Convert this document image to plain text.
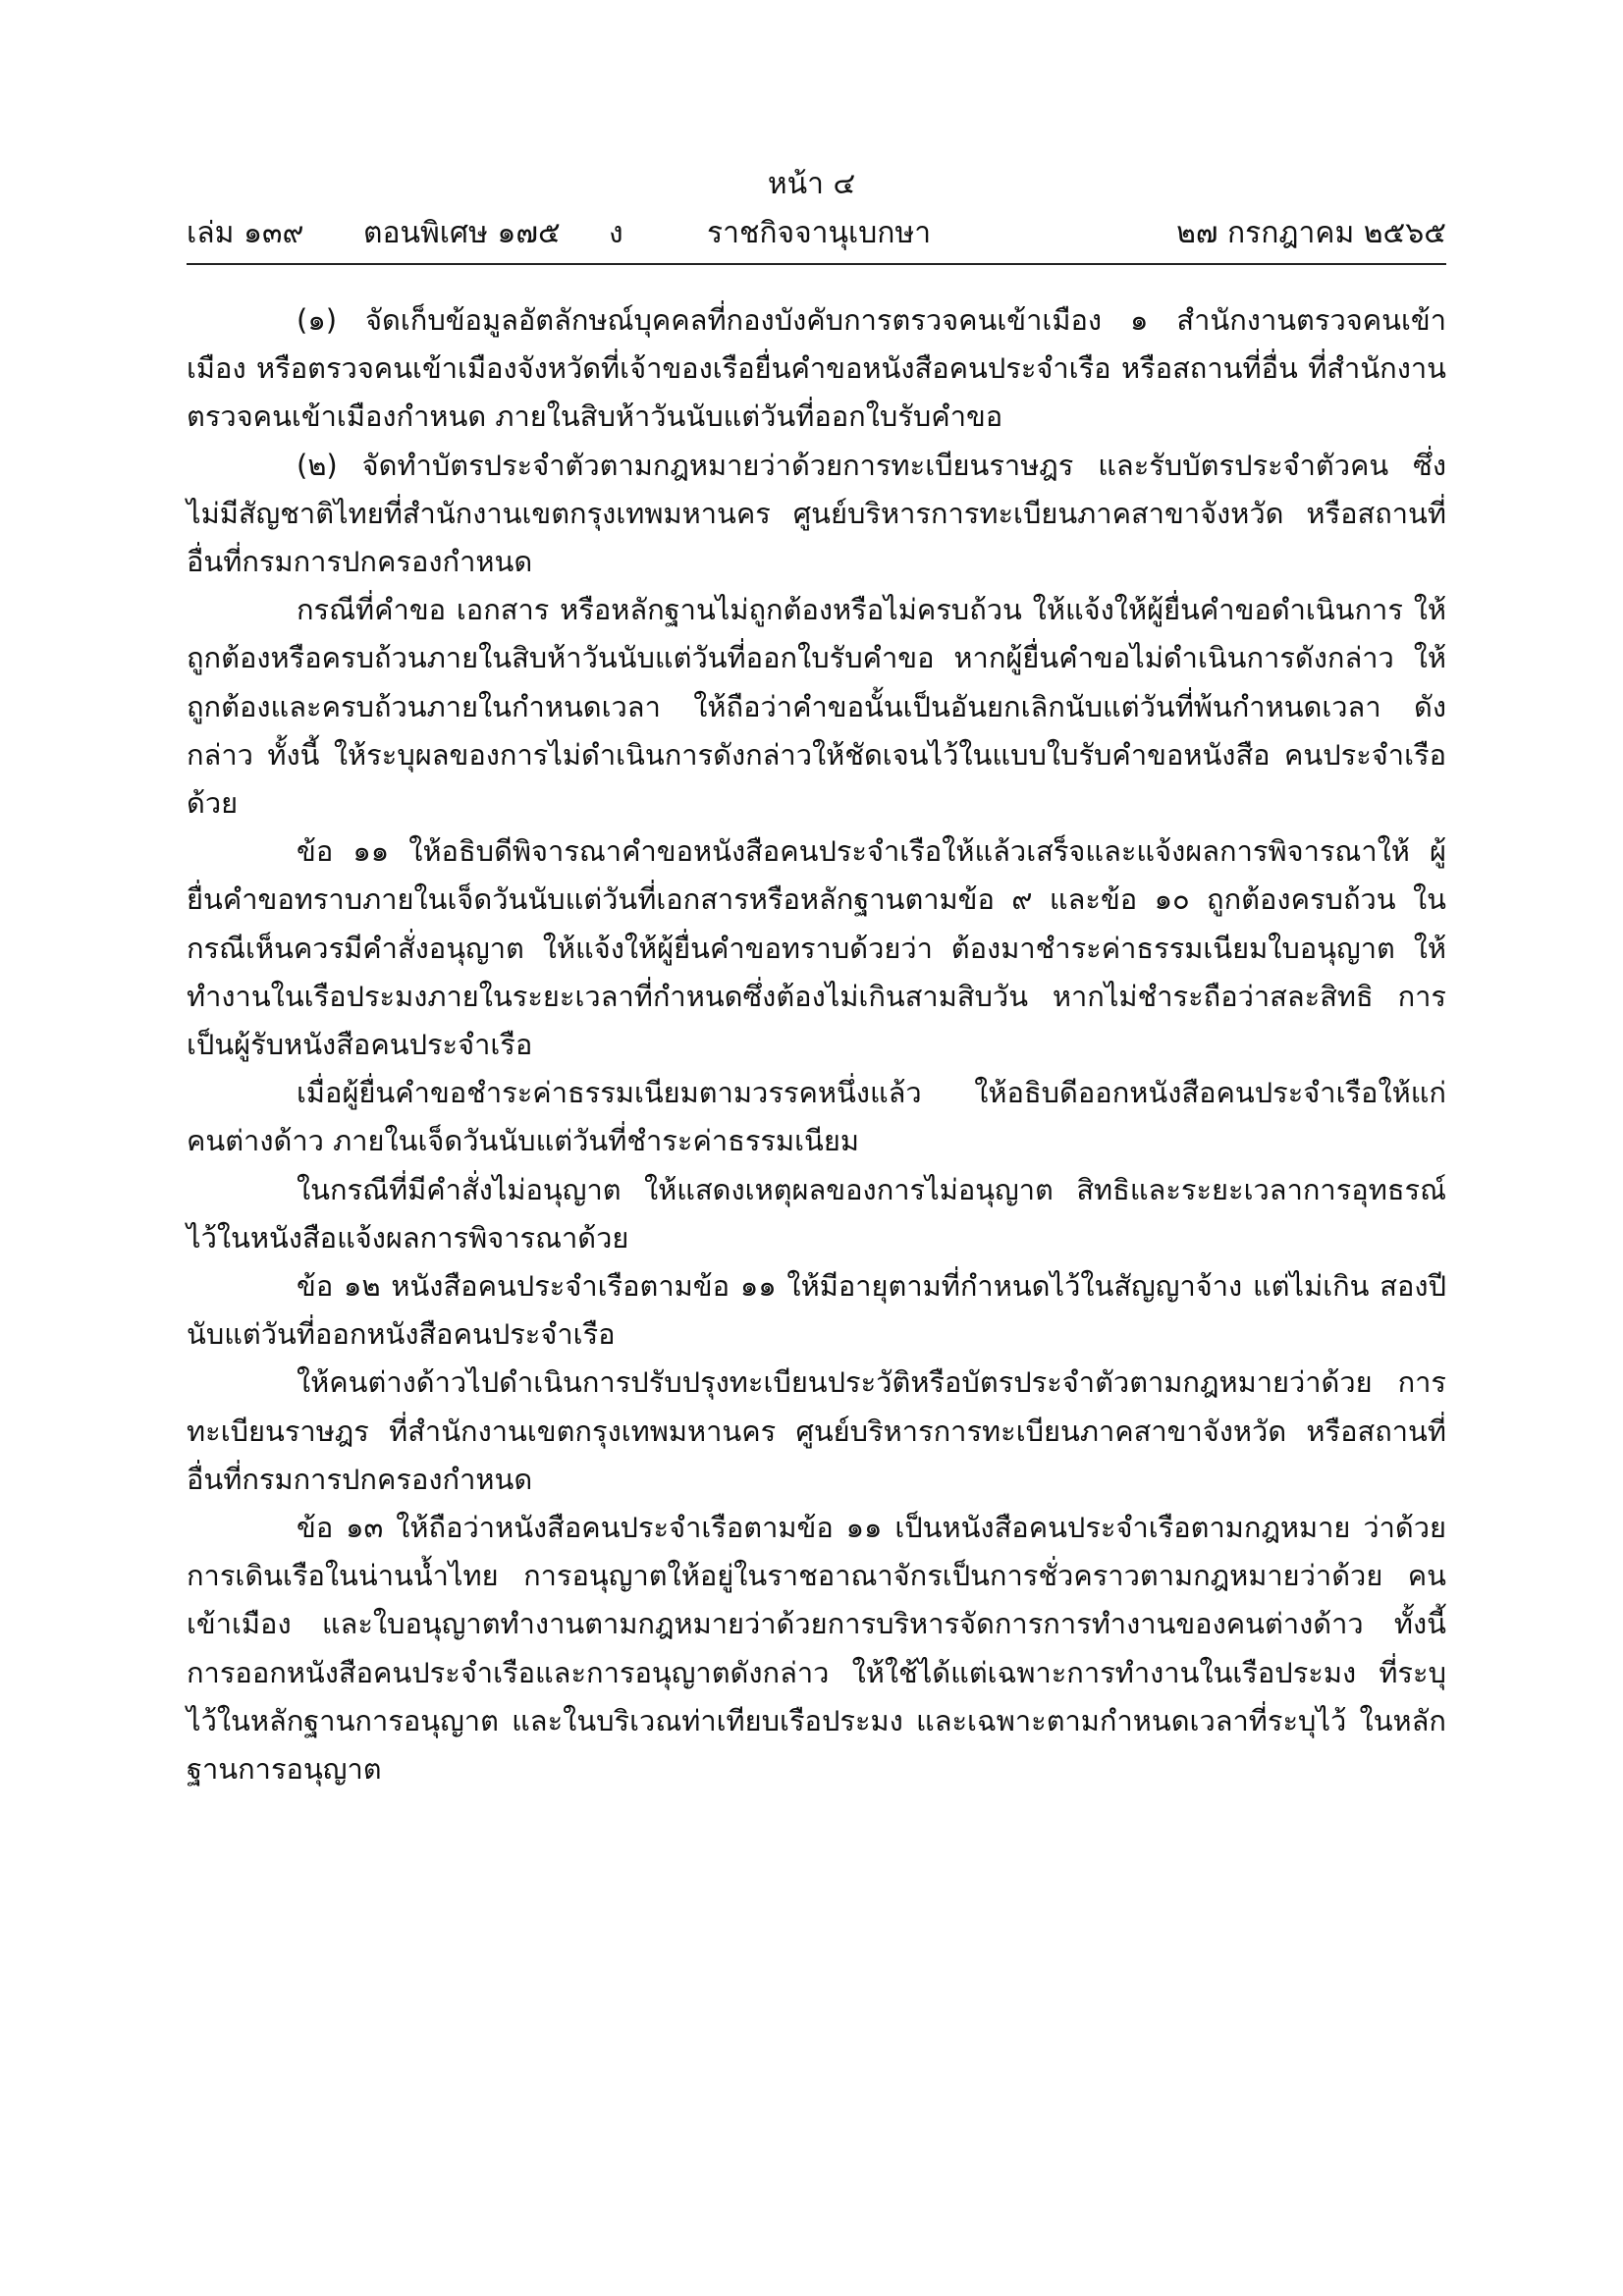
หน้า ๔
เล่ม ๑๓๙ ตอนพิเศษ ๑๗๕ ง	ราชกิจจานุเบกษา	๒๗ กรกฎาคม ๒๕๖๕

(๑) จัดเก็บข้อมูลอัตลักษณ์บุคคลที่กองบังคับการตรวจคนเข้าเมือง ๑ สำนักงานตรวจคนเข้าเมือง หรือตรวจคนเข้าเมืองจังหวัดที่เจ้าของเรือยื่นคำขอหนังสือคนประจำเรือ หรือสถานที่อื่น ที่สำนักงานตรวจคนเข้าเมืองกำหนด ภายในสิบห้าวันนับแต่วันที่ออกใบรับคำขอ

(๒) จัดทำบัตรประจำตัวตามกฎหมายว่าด้วยการทะเบียนราษฎร และรับบัตรประจำตัวคน ซึ่งไม่มีสัญชาติไทยที่สำนักงานเขตกรุงเทพมหานคร ศูนย์บริหารการทะเบียนภาคสาขาจังหวัด หรือสถานที่อื่นที่กรมการปกครองกำหนด

กรณีที่คำขอ เอกสาร หรือหลักฐานไม่ถูกต้องหรือไม่ครบถ้วน ให้แจ้งให้ผู้ยื่นคำขอดำเนินการ ให้ถูกต้องหรือครบถ้วนภายในสิบห้าวันนับแต่วันที่ออกใบรับคำขอ หากผู้ยื่นคำขอไม่ดำเนินการดังกล่าว ให้ถูกต้องและครบถ้วนภายในกำหนดเวลา ให้ถือว่าคำขอนั้นเป็นอันยกเลิกนับแต่วันที่พ้นกำหนดเวลา ดังกล่าว ทั้งนี้ ให้ระบุผลของการไม่ดำเนินการดังกล่าวให้ชัดเจนไว้ในแบบใบรับคำขอหนังสือ คนประจำเรือด้วย

ข้อ ๑๑ ให้อธิบดีพิจารณาคำขอหนังสือคนประจำเรือให้แล้วเสร็จและแจ้งผลการพิจารณาให้ ผู้ยื่นคำขอทราบภายในเจ็ดวันนับแต่วันที่เอกสารหรือหลักฐานตามข้อ ๙ และข้อ ๑๐ ถูกต้องครบถ้วน ในกรณีเห็นควรมีคำสั่งอนุญาต ให้แจ้งให้ผู้ยื่นคำขอทราบด้วยว่า ต้องมาชำระค่าธรรมเนียมใบอนุญาต ให้ทำงานในเรือประมงภายในระยะเวลาที่กำหนดซึ่งต้องไม่เกินสามสิบวัน หากไม่ชำระถือว่าสละสิทธิ การเป็นผู้รับหนังสือคนประจำเรือ

เมื่อผู้ยื่นคำขอชำระค่าธรรมเนียมตามวรรคหนึ่งแล้ว ให้อธิบดีออกหนังสือคนประจำเรือให้แก่ คนต่างด้าว ภายในเจ็ดวันนับแต่วันที่ชำระค่าธรรมเนียม

ในกรณีที่มีคำสั่งไม่อนุญาต ให้แสดงเหตุผลของการไม่อนุญาต สิทธิและระยะเวลาการอุทธรณ์ ไว้ในหนังสือแจ้งผลการพิจารณาด้วย

ข้อ ๑๒ หนังสือคนประจำเรือตามข้อ ๑๑ ให้มีอายุตามที่กำหนดไว้ในสัญญาจ้าง แต่ไม่เกิน สองปีนับแต่วันที่ออกหนังสือคนประจำเรือ

ให้คนต่างด้าวไปดำเนินการปรับปรุงทะเบียนประวัติหรือบัตรประจำตัวตามกฎหมายว่าด้วย การทะเบียนราษฎร ที่สำนักงานเขตกรุงเทพมหานคร ศูนย์บริหารการทะเบียนภาคสาขาจังหวัด หรือสถานที่อื่นที่กรมการปกครองกำหนด

ข้อ ๑๓ ให้ถือว่าหนังสือคนประจำเรือตามข้อ ๑๑ เป็นหนังสือคนประจำเรือตามกฎหมาย ว่าด้วยการเดินเรือในน่านน้ำไทย การอนุญาตให้อยู่ในราชอาณาจักรเป็นการชั่วคราวตามกฎหมายว่าด้วย คนเข้าเมือง และใบอนุญาตทำงานตามกฎหมายว่าด้วยการบริหารจัดการการทำงานของคนต่างด้าว ทั้งนี้ การออกหนังสือคนประจำเรือและการอนุญาตดังกล่าว ให้ใช้ได้แต่เฉพาะการทำงานในเรือประมง ที่ระบุไว้ในหลักฐานการอนุญาต และในบริเวณท่าเทียบเรือประมง และเฉพาะตามกำหนดเวลาที่ระบุไว้ ในหลักฐานการอนุญาต
